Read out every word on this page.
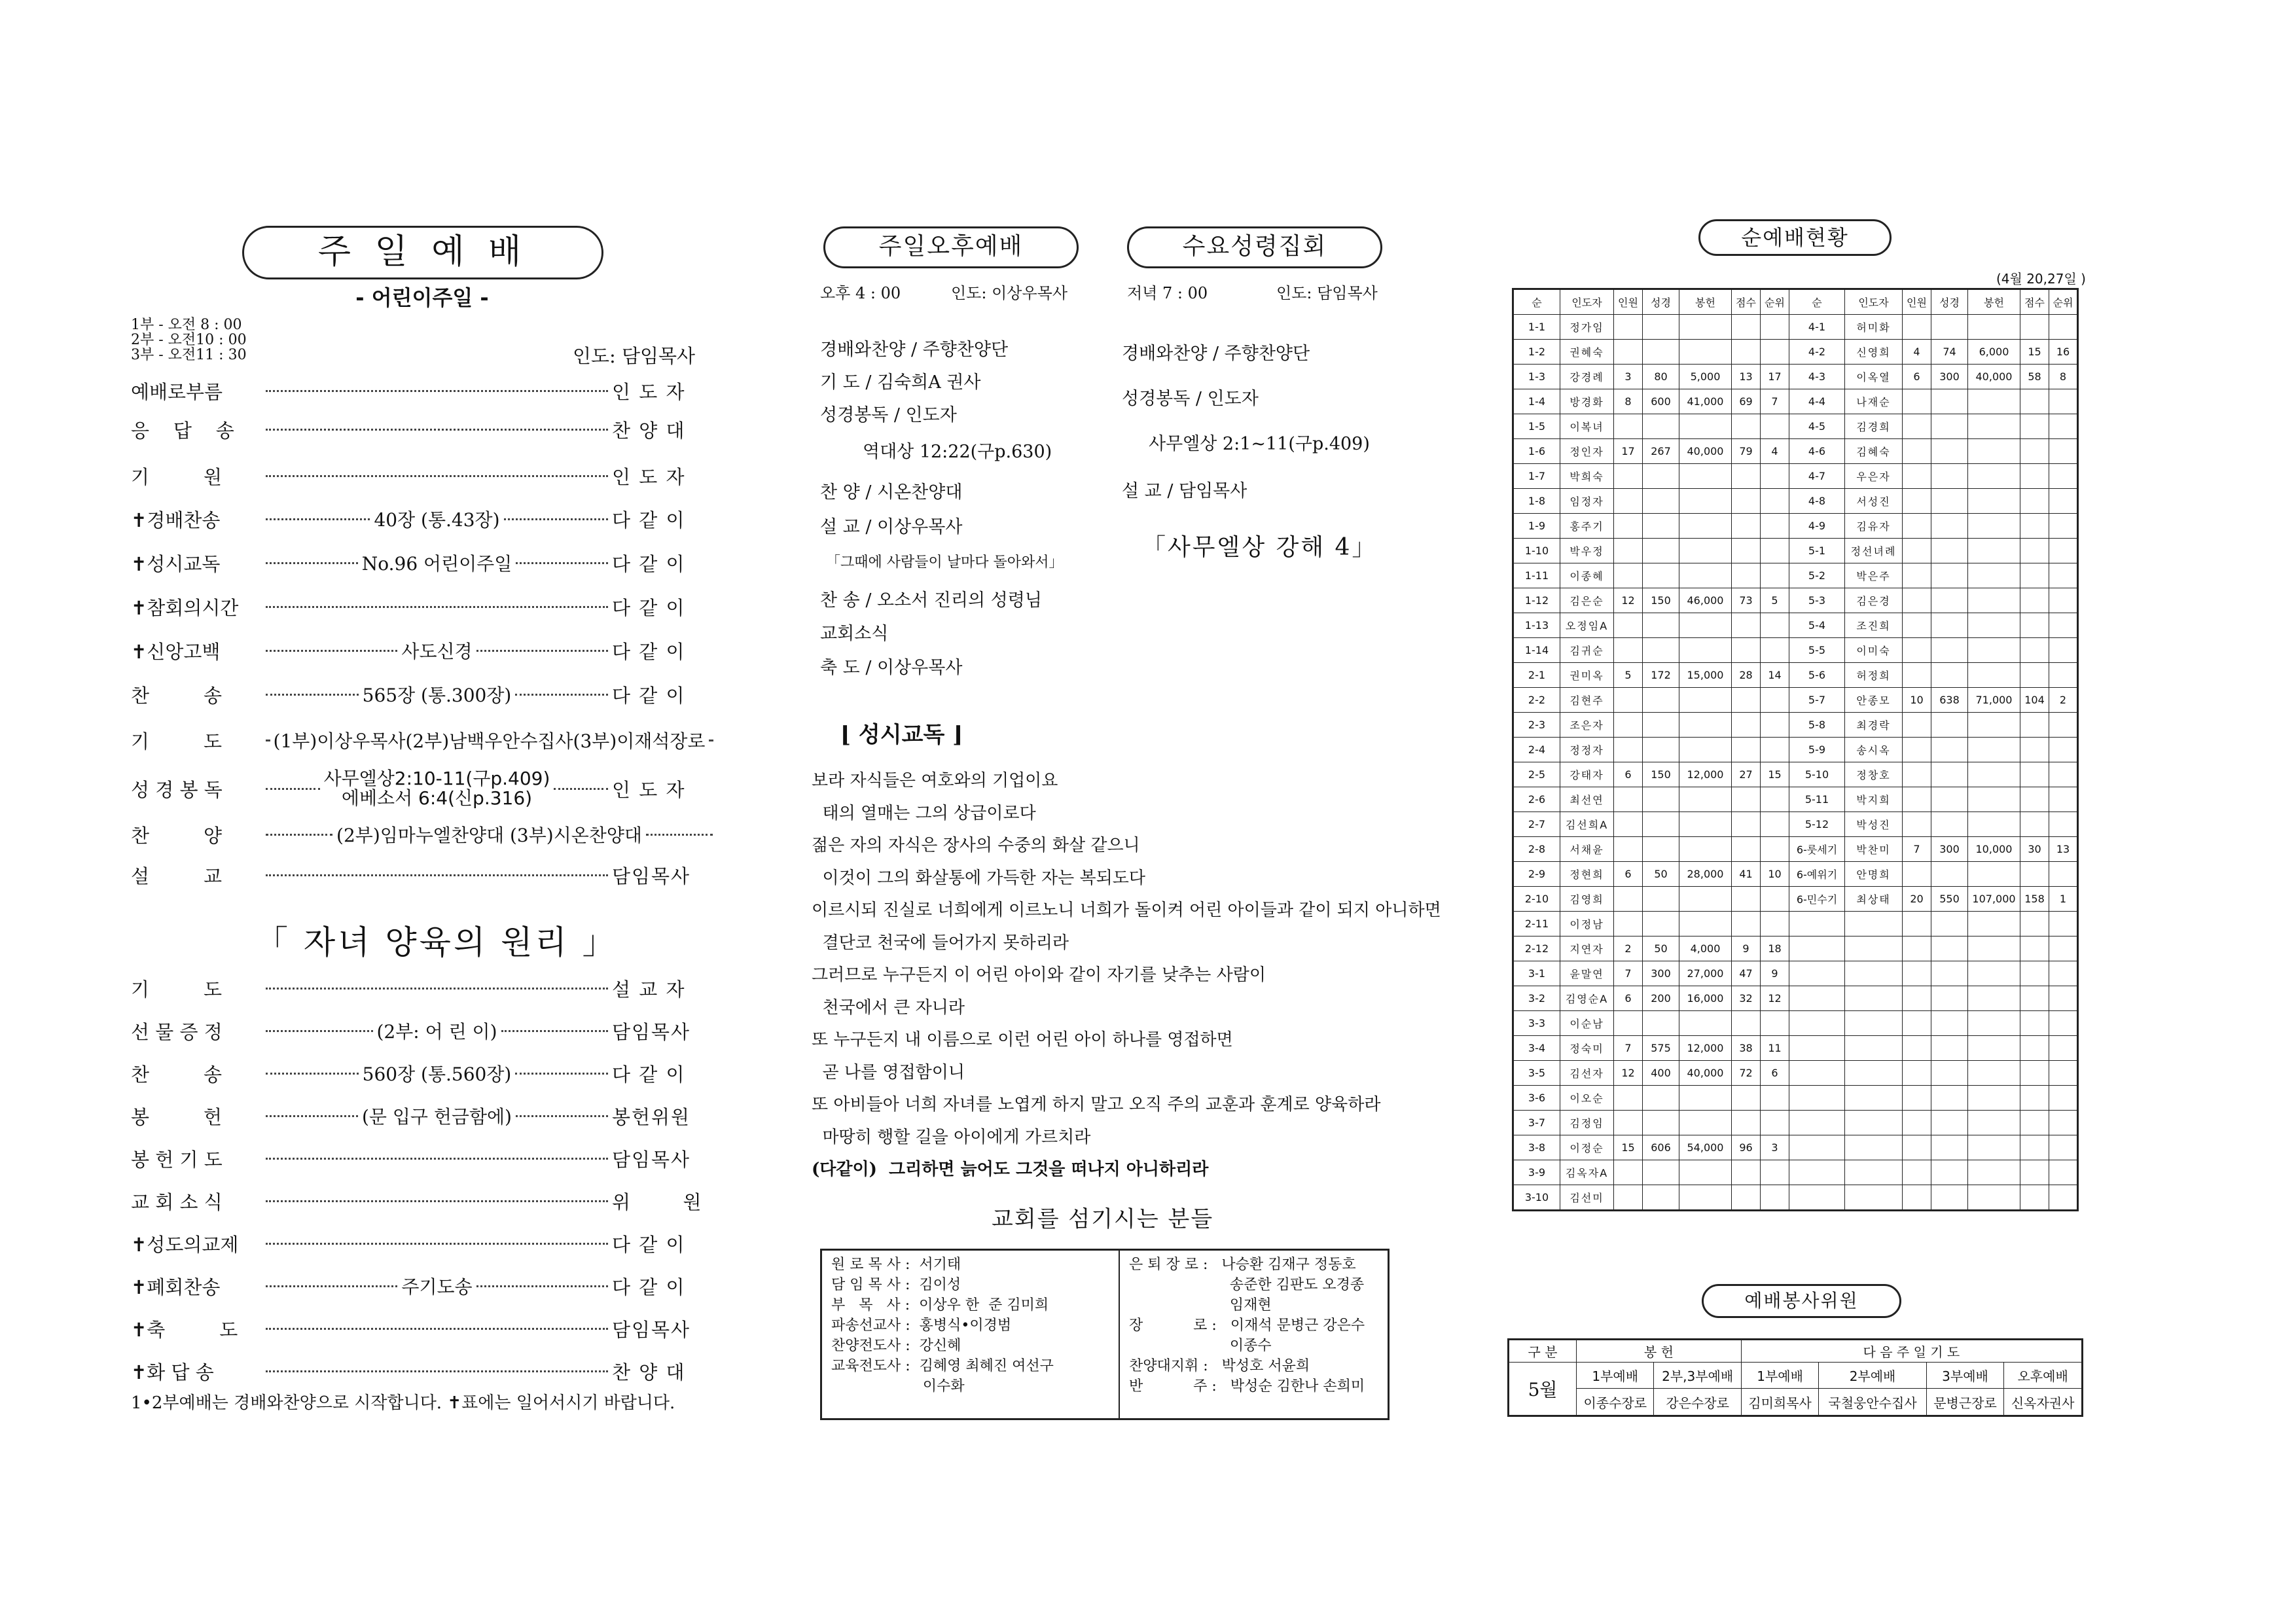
주 일 예 배
- 어린이주일 -
1부 - 오전 8 : 00
2부 - 오전10 : 00
3부 - 오전11 : 30	인도: 담임목사
예배로부름	인 도 자
응    답    송	찬 양 대
기         원	인 도 자
✝경배찬송	40장 (통.43장)	다 같 이
✝성시교독	No.96 어린이주일	다 같 이
✝참회의시간	다 같 이
✝신앙고백	사도신경	다 같 이
찬         송	565장 (통.300장)	다 같 이
기         도	(1부)이상우목사(2부)남백우안수집사(3부)이재석장로
성 경 봉 독	사무엘상2:10-11(구p.409)
에베소서 6:4(신p.316)	인 도 자
찬         양	(2부)임마누엘찬양대 (3부)시온찬양대
설         교	담임목사
「 자녀 양육의 원리 」
기         도	설 교 자
선 물 증 정	(2부: 어 린 이)	담임목사
찬         송	560장 (통.560장)	다 같 이
봉         헌	(문 입구 헌금함에)	봉헌위원
봉 헌 기 도	담임목사
교 회 소 식	위       원
✝성도의교제	다 같 이
✝폐회찬송	주기도송	다 같 이
✝축         도	담임목사
✝화 답 송	찬 양 대
1•2부예배는 경배와찬양으로 시작합니다. ✝표에는 일어서시기 바랍니다.
주일오후예배	수요성령집회
오후 4 : 00	인도: 이상우목사	저녁 7 : 00	인도: 담임목사
경배와찬양 / 주향찬양단
기 도 / 김숙희A 권사
성경봉독 / 인도자
역대상 12:22(구p.630)
찬 양 / 시온찬양대
설 교 / 이상우목사
「그때에 사람들이 날마다 돌아와서」
찬 송 / 오소서 진리의 성령님
교회소식
축 도 / 이상우목사
경배와찬양 / 주향찬양단
성경봉독 / 인도자
사무엘상 2:1~11(구p.409)
설 교 / 담임목사
「사무엘상 강해 4」
⌊ 성시교독 ⌋
보라 자식들은 여호와의 기업이요
태의 열매는 그의 상급이로다
젊은 자의 자식은 장사의 수중의 화살 같으니
이것이 그의 화살통에 가득한 자는 복되도다
이르시되 진실로 너희에게 이르노니 너희가 돌이켜 어린 아이들과 같이 되지 아니하면
결단코 천국에 들어가지 못하리라
그러므로 누구든지 이 어린 아이와 같이 자기를 낮추는 사람이
천국에서 큰 자니라
또 누구든지 내 이름으로 이런 어린 아이 하나를 영접하면
곧 나를 영접함이니
또 아비들아 너희 자녀를 노엽게 하지 말고 오직 주의 교훈과 훈계로 양육하라
마땅히 행할 길을 아이에게 가르치라
(다같이)  그리하면 늙어도 그것을 떠나지 아니하리라
교회를 섬기시는 분들
원 로 목 사 :  서기태
담 임 목 사 :  김이성
부   목   사 :  이상우 한  준 김미희
파송선교사 :  홍병식•이경범
찬양전도사 :  강신혜
교육전도사 :  김혜영 최혜진 여선구
이수화
은 퇴 장 로 :   나승환 김재구 정동호
송준한 김판도 오경종
임재현
장           로 :   이재석 문병근 강은수
이종수
찬양대지휘 :   박성호 서윤희
반           주 :   박성순 김한나 손희미
순예배현황
(4월 20,27일 )
순	인도자	인원	성경	봉헌	점수	순위	순	인도자	인원	성경	봉헌	점수	순위
1-1	정가임						4-1	허미화					
1-2	권혜숙						4-2	신영희	4	74	6,000	15	16
1-3	강경례	3	80	5,000	13	17	4-3	이옥열	6	300	40,000	58	8
1-4	방경화	8	600	41,000	69	7	4-4	나재순					
1-5	이복녀						4-5	김경희					
1-6	정인자	17	267	40,000	79	4	4-6	김혜숙					
1-7	박희숙						4-7	우은자					
1-8	임정자						4-8	서성진					
1-9	홍주기						4-9	김유자					
1-10	박우정						5-1	정선녀례					
1-11	이종혜						5-2	박은주					
1-12	김은순	12	150	46,000	73	5	5-3	김은경					
1-13	오정임A						5-4	조진희					
1-14	김귀순						5-5	이미숙					
2-1	권미옥	5	172	15,000	28	14	5-6	허정희					
2-2	김현주						5-7	안종모	10	638	71,000	104	2
2-3	조은자						5-8	최경락					
2-4	정정자						5-9	송시옥					
2-5	강태자	6	150	12,000	27	15	5-10	정창호					
2-6	최선연						5-11	박지희					
2-7	김선희A						5-12	박성진					
2-8	서채윤						6-룻세기	박찬미	7	300	10,000	30	13
2-9	정현희	6	50	28,000	41	10	6-예위기	안명희					
2-10	김영희						6-민수기	최상태	20	550	107,000	158	1
2-11	이정남												
2-12	지연자	2	50	4,000	9	18							
3-1	윤말연	7	300	27,000	47	9							
3-2	김영순A	6	200	16,000	32	12							
3-3	이순남												
3-4	정숙미	7	575	12,000	38	11							
3-5	김선자	12	400	40,000	72	6							
3-6	이오순												
3-7	김정임												
3-8	이정순	15	606	54,000	96	3							
3-9	김옥자A												
3-10	김선미												
예배봉사위원
구 분	봉 헌		다 음 주 일 기 도			
5월	1부예배	2부,3부예배	1부예배	2부예배	3부예배	오후예배
	이종수장로	강은수장로	김미희목사	국철웅안수집사	문병근장로	신옥자권사
